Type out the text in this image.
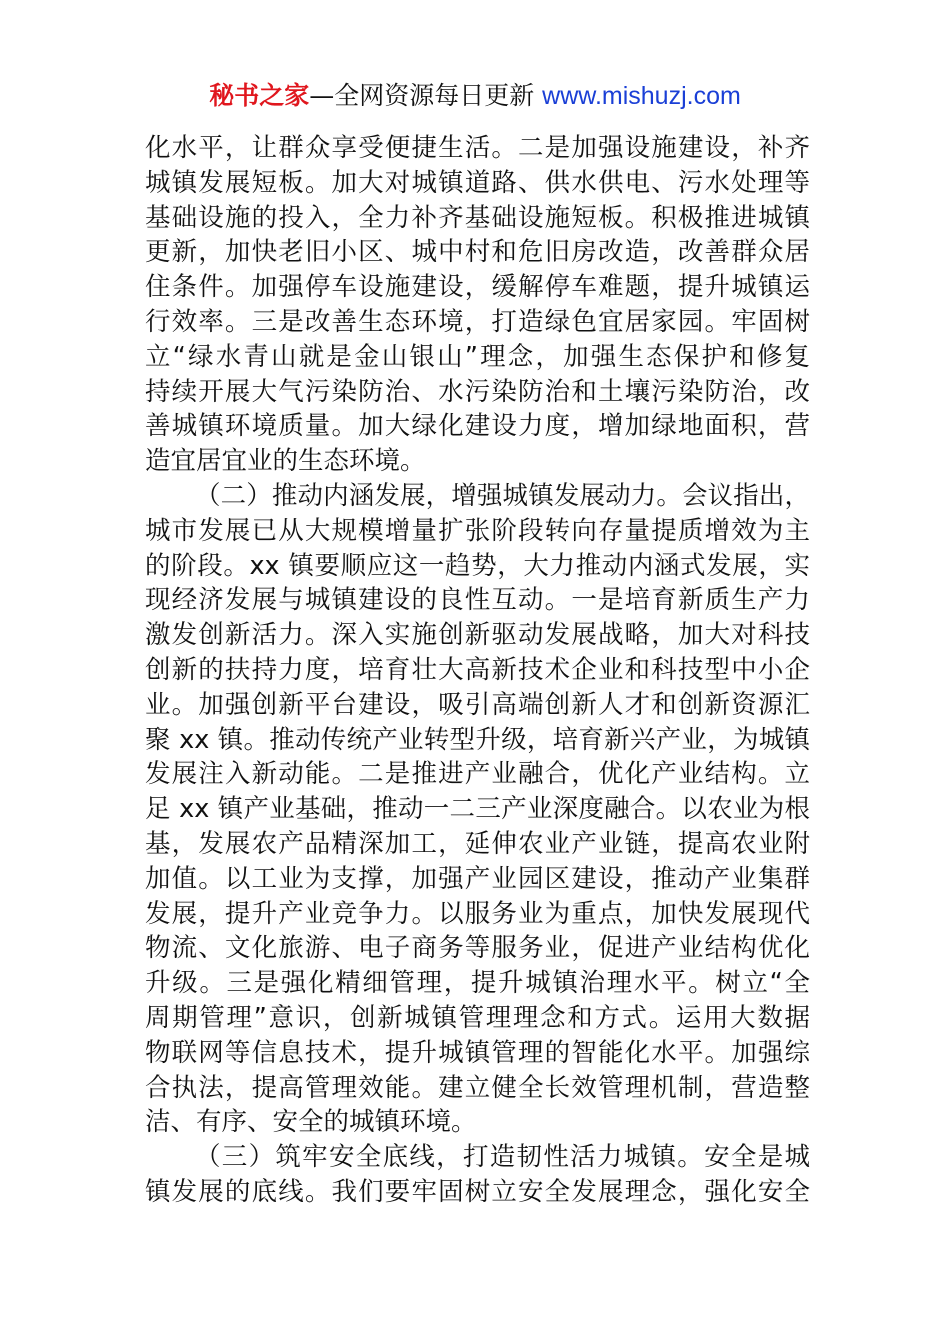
秘书之家—全网资源每日更新 www.mishuzj.com
化水平，让群众享受便捷生活。二是加强设施建设，补齐
城镇发展短板。加大对城镇道路、供水供电、污水处理等
基础设施的投入，全力补齐基础设施短板。积极推进城镇
更新，加快老旧小区、城中村和危旧房改造，改善群众居
住条件。加强停车设施建设，缓解停车难题，提升城镇运
行效率。三是改善生态环境，打造绿色宜居家园。牢固树
立“绿水青山就是金山银山”理念，加强生态保护和修复
持续开展大气污染防治、水污染防治和土壤污染防治，改
善城镇环境质量。加大绿化建设力度，增加绿地面积，营
造宜居宜业的生态环境。
（二）推动内涵发展，增强城镇发展动力。会议指出，
城市发展已从大规模增量扩张阶段转向存量提质增效为主
的阶段。xx 镇要顺应这一趋势，大力推动内涵式发展，实
现经济发展与城镇建设的良性互动。一是培育新质生产力
激发创新活力。深入实施创新驱动发展战略，加大对科技
创新的扶持力度，培育壮大高新技术企业和科技型中小企
业。加强创新平台建设，吸引高端创新人才和创新资源汇
聚 xx 镇。推动传统产业转型升级，培育新兴产业，为城镇
发展注入新动能。二是推进产业融合，优化产业结构。立
足 xx 镇产业基础，推动一二三产业深度融合。以农业为根
基，发展农产品精深加工，延伸农业产业链，提高农业附
加值。以工业为支撑，加强产业园区建设，推动产业集群
发展，提升产业竞争力。以服务业为重点，加快发展现代
物流、文化旅游、电子商务等服务业，促进产业结构优化
升级。三是强化精细管理，提升城镇治理水平。树立“全
周期管理”意识，创新城镇管理理念和方式。运用大数据
物联网等信息技术，提升城镇管理的智能化水平。加强综
合执法，提高管理效能。建立健全长效管理机制，营造整
洁、有序、安全的城镇环境。
（三）筑牢安全底线，打造韧性活力城镇。安全是城
镇发展的底线。我们要牢固树立安全发展理念，强化安全
